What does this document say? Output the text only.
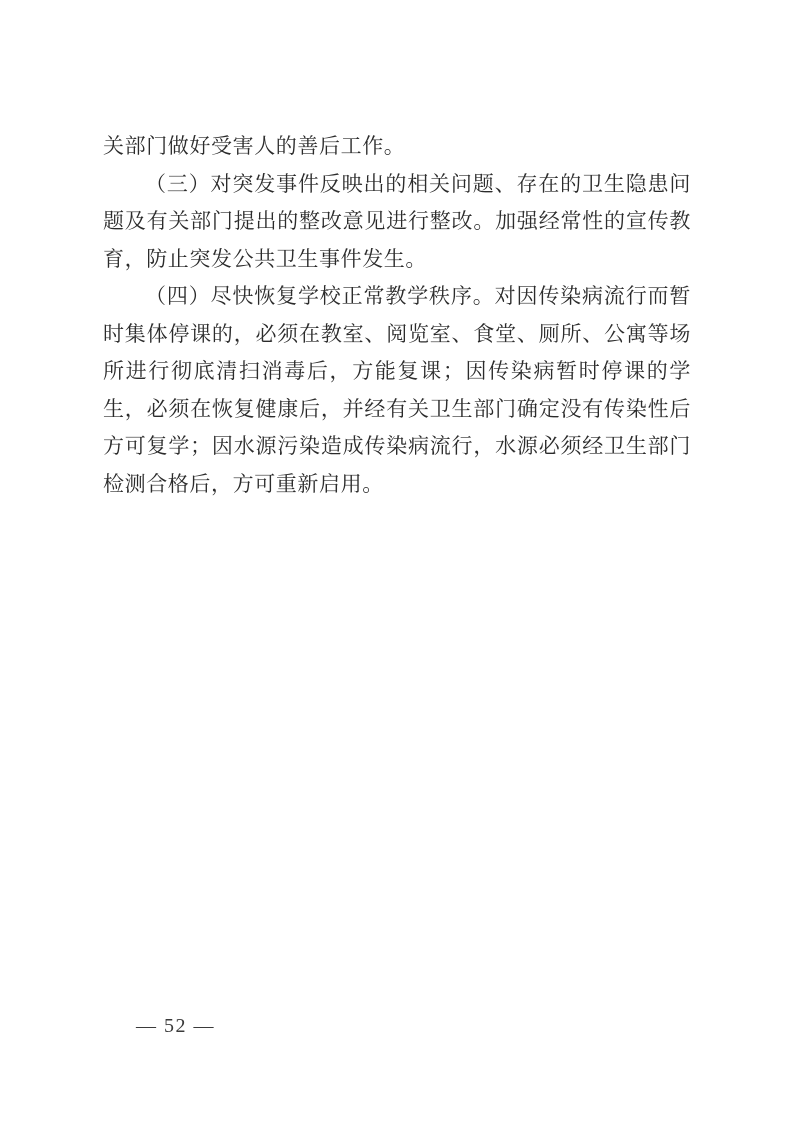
关部门做好受害人的善后工作。

（三）对突发事件反映出的相关问题、存在的卫生隐患问题及有关部门提出的整改意见进行整改。加强经常性的宣传教育，防止突发公共卫生事件发生。

（四）尽快恢复学校正常教学秩序。对因传染病流行而暂时集体停课的，必须在教室、阅览室、食堂、厕所、公寓等场所进行彻底清扫消毒后，方能复课；因传染病暂时停课的学生，必须在恢复健康后，并经有关卫生部门确定没有传染性后方可复学；因水源污染造成传染病流行，水源必须经卫生部门检测合格后，方可重新启用。

— 52 —
